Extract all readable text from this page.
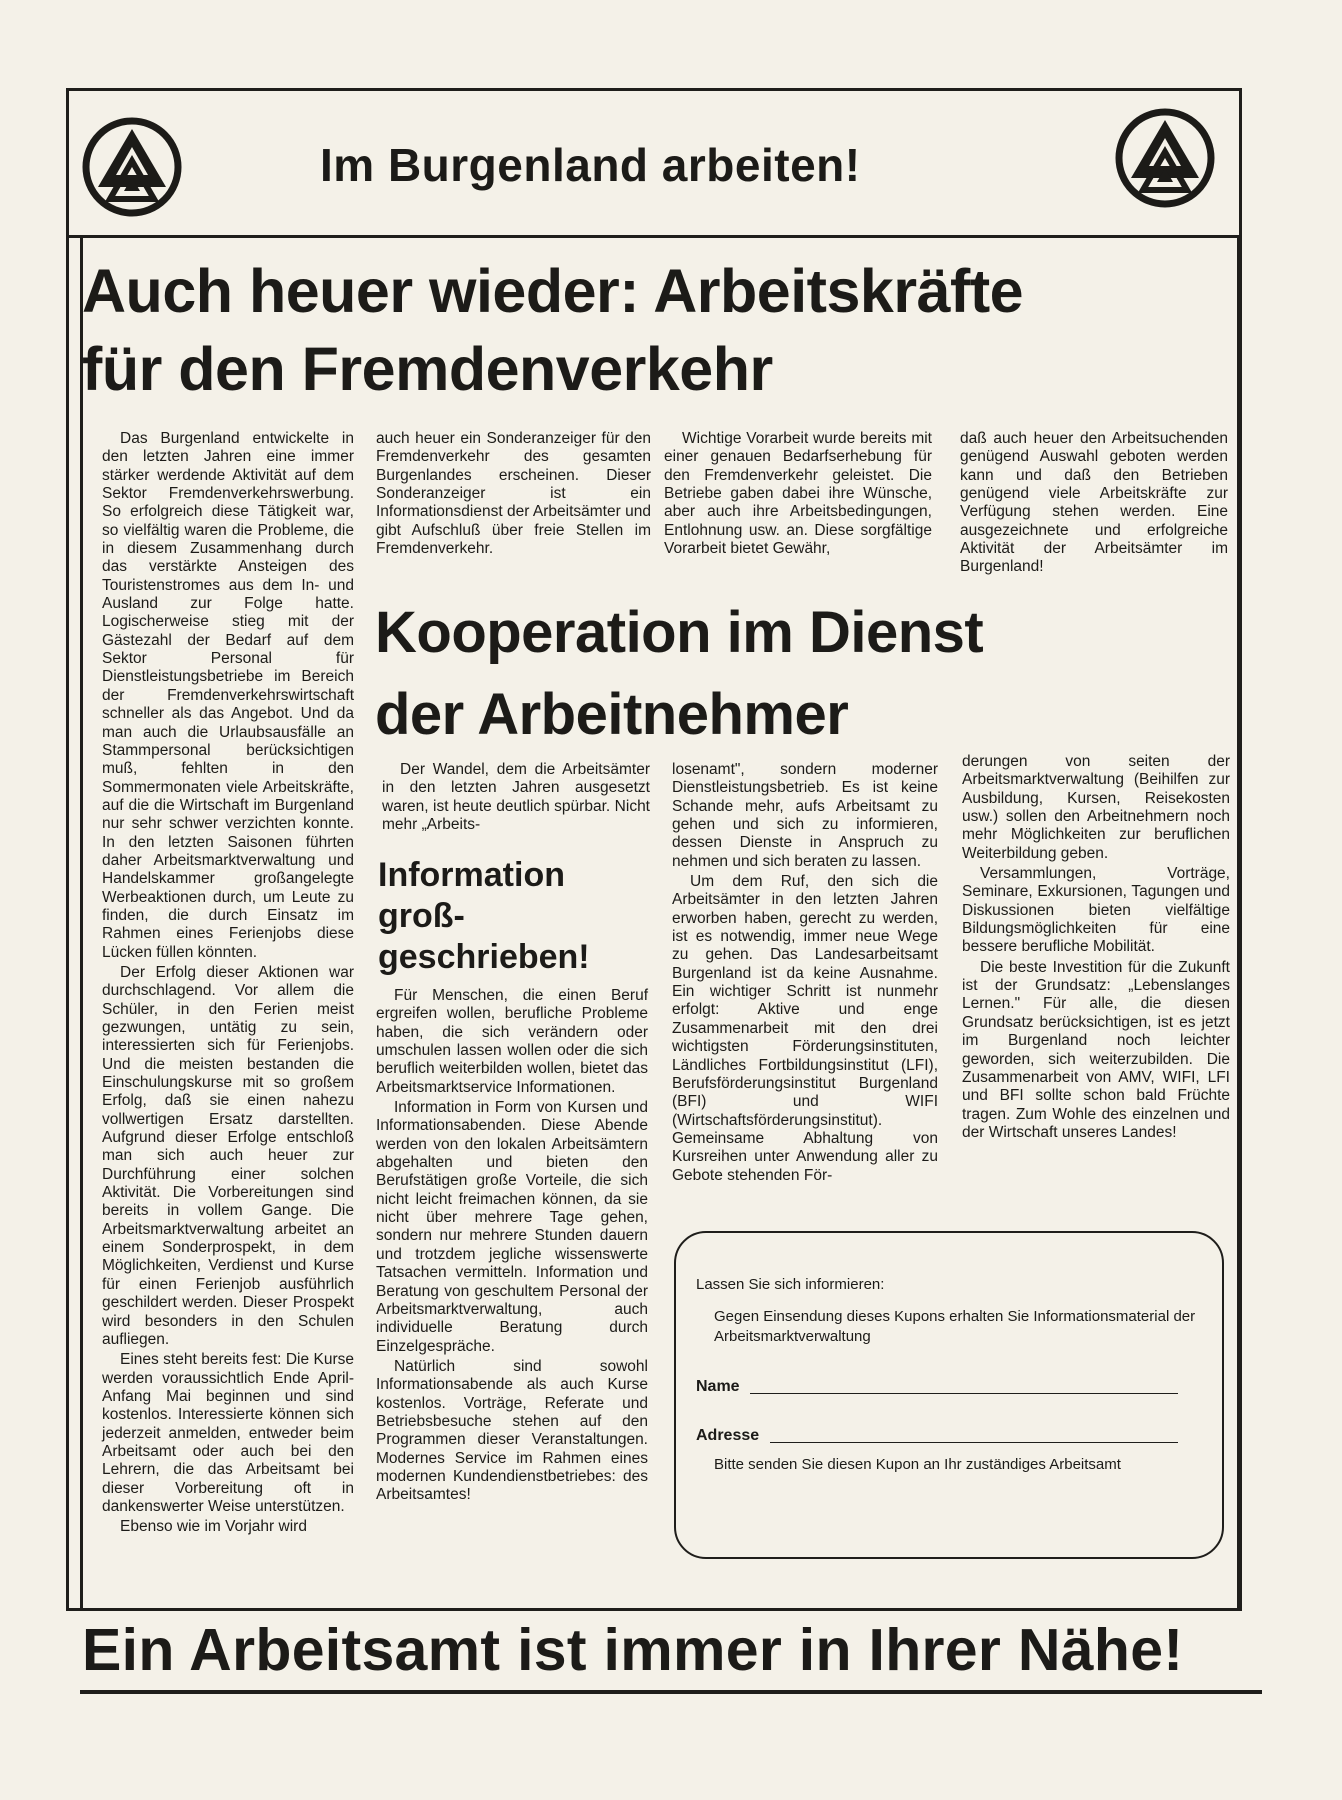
Im Burgenland arbeiten!
Auch heuer wieder: Arbeitskräfte
für den Fremdenverkehr

Das Burgenland entwickelte in den letzten Jahren eine immer stärker werdende Aktivität auf dem Sektor Fremdenverkehrswerbung. So erfolgreich diese Tätigkeit war, so vielfältig waren die Probleme, die in diesem Zusammenhang durch das verstärkte Ansteigen des Touristenstromes aus dem In- und Ausland zur Folge hatte. Logischerweise stieg mit der Gästezahl der Bedarf auf dem Sektor Personal für Dienstleistungsbetriebe im Bereich der Fremdenverkehrswirtschaft schneller als das Angebot. Und da man auch die Urlaubsausfälle an Stammpersonal berücksichtigen muß, fehlten in den Sommermonaten viele Arbeitskräfte, auf die die Wirtschaft im Burgenland nur sehr schwer verzichten konnte. In den letzten Saisonen führten daher Arbeitsmarktverwaltung und Handelskammer großangelegte Werbeaktionen durch, um Leute zu finden, die durch Einsatz im Rahmen eines Ferienjobs diese Lücken füllen könnten.

Der Erfolg dieser Aktionen war durchschlagend. Vor allem die Schüler, in den Ferien meist gezwungen, untätig zu sein, interessierten sich für Ferienjobs. Und die meisten bestanden die Einschulungskurse mit so großem Erfolg, daß sie einen nahezu vollwertigen Ersatz darstellten. Aufgrund dieser Erfolge entschloß man sich auch heuer zur Durchführung einer solchen Aktivität. Die Vorbereitungen sind bereits in vollem Gange. Die Arbeitsmarktverwaltung arbeitet an einem Sonderprospekt, in dem Möglichkeiten, Verdienst und Kurse für einen Ferienjob ausführlich geschildert werden. Dieser Prospekt wird besonders in den Schulen aufliegen.

Eines steht bereits fest: Die Kurse werden voraussichtlich Ende April-Anfang Mai beginnen und sind kostenlos. Interessierte können sich jederzeit anmelden, entweder beim Arbeitsamt oder auch bei den Lehrern, die das Arbeitsamt bei dieser Vorbereitung oft in dankenswerter Weise unterstützen.

Ebenso wie im Vorjahr wird

auch heuer ein Sonderanzeiger für den Fremdenverkehr des gesamten Burgenlandes erscheinen. Dieser Sonderanzeiger ist ein Informationsdienst der Arbeitsämter und gibt Aufschluß über freie Stellen im Fremdenverkehr.

Wichtige Vorarbeit wurde bereits mit einer genauen Bedarfserhebung für den Fremdenverkehr geleistet. Die Betriebe gaben dabei ihre Wünsche, aber auch ihre Arbeitsbedingungen, Entlohnung usw. an. Diese sorgfältige Vorarbeit bietet Gewähr,

daß auch heuer den Arbeitsuchenden genügend Auswahl geboten werden kann und daß den Betrieben genügend viele Arbeitskräfte zur Verfügung stehen werden. Eine ausgezeichnete und erfolgreiche Aktivität der Arbeitsämter im Burgenland!

Kooperation im Dienst
der Arbeitnehmer

Der Wandel, dem die Arbeitsämter in den letzten Jahren ausgesetzt waren, ist heute deutlich spürbar. Nicht mehr „Arbeits-

Information
groß-
geschrieben!

Für Menschen, die einen Beruf ergreifen wollen, berufliche Probleme haben, die sich verändern oder umschulen lassen wollen oder die sich beruflich weiterbilden wollen, bietet das Arbeitsmarktservice Informationen.

Information in Form von Kursen und Informationsabenden. Diese Abende werden von den lokalen Arbeitsämtern abgehalten und bieten den Berufstätigen große Vorteile, die sich nicht leicht freimachen können, da sie nicht über mehrere Tage gehen, sondern nur mehrere Stunden dauern und trotzdem jegliche wissenswerte Tatsachen vermitteln. Information und Beratung von geschultem Personal der Arbeitsmarktverwaltung, auch individuelle Beratung durch Einzelgespräche.

Natürlich sind sowohl Informationsabende als auch Kurse kostenlos. Vorträge, Referate und Betriebsbesuche stehen auf den Programmen dieser Veranstaltungen. Modernes Service im Rahmen eines modernen Kundendienstbetriebes: des Arbeitsamtes!

losenamt", sondern moderner Dienstleistungsbetrieb. Es ist keine Schande mehr, aufs Arbeitsamt zu gehen und sich zu informieren, dessen Dienste in Anspruch zu nehmen und sich beraten zu lassen.

Um dem Ruf, den sich die Arbeitsämter in den letzten Jahren erworben haben, gerecht zu werden, ist es notwendig, immer neue Wege zu gehen. Das Landesarbeitsamt Burgenland ist da keine Ausnahme. Ein wichtiger Schritt ist nunmehr erfolgt: Aktive und enge Zusammenarbeit mit den drei wichtigsten Förderungsinstituten, Ländliches Fortbildungsinstitut (LFI), Berufsförderungsinstitut Burgenland (BFI) und WIFI (Wirtschaftsförderungsinstitut). Gemeinsame Abhaltung von Kursreihen unter Anwendung aller zu Gebote stehenden För-

derungen von seiten der Arbeitsmarktverwaltung (Beihilfen zur Ausbildung, Kursen, Reisekosten usw.) sollen den Arbeitnehmern noch mehr Möglichkeiten zur beruflichen Weiterbildung geben.

Versammlungen, Vorträge, Seminare, Exkursionen, Tagungen und Diskussionen bieten vielfältige Bildungsmöglichkeiten für eine bessere berufliche Mobilität.

Die beste Investition für die Zukunft ist der Grundsatz: „Lebenslanges Lernen." Für alle, die diesen Grundsatz berücksichtigen, ist es jetzt im Burgenland noch leichter geworden, sich weiterzubilden. Die Zusammenarbeit von AMV, WIFI, LFI und BFI sollte schon bald Früchte tragen. Zum Wohle des einzelnen und der Wirtschaft unseres Landes!

Lassen Sie sich informieren:
Gegen Einsendung dieses Kupons erhalten Sie Informationsmaterial der Arbeitsmarktverwaltung
Name
Adresse
Bitte senden Sie diesen Kupon an Ihr zuständiges Arbeitsamt
Ein Arbeitsamt ist immer in Ihrer Nähe!
